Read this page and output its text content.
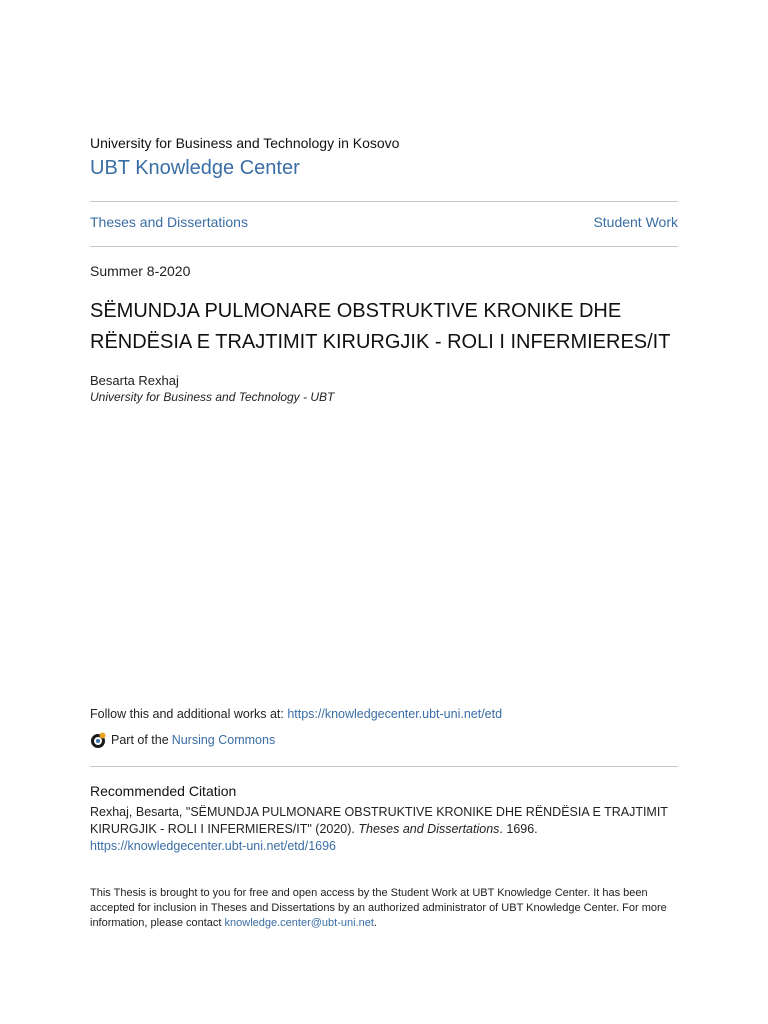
University for Business and Technology in Kosovo
UBT Knowledge Center
Theses and Dissertations	Student Work
Summer 8-2020
SËMUNDJA PULMONARE OBSTRUKTIVE KRONIKE DHE
RËNDËSIA E TRAJTIMIT KIRURGJIK - ROLI I INFERMIERES/IT
Besarta Rexhaj
University for Business and Technology - UBT
Follow this and additional works at: https://knowledgecenter.ubt-uni.net/etd
Part of the Nursing Commons
Recommended Citation
Rexhaj, Besarta, "SËMUNDJA PULMONARE OBSTRUKTIVE KRONIKE DHE RËNDËSIA E TRAJTIMIT
KIRURGJIK - ROLI I INFERMIERES/IT" (2020). Theses and Dissertations. 1696.
https://knowledgecenter.ubt-uni.net/etd/1696
This Thesis is brought to you for free and open access by the Student Work at UBT Knowledge Center. It has been accepted for inclusion in Theses and Dissertations by an authorized administrator of UBT Knowledge Center. For more information, please contact knowledge.center@ubt-uni.net.
